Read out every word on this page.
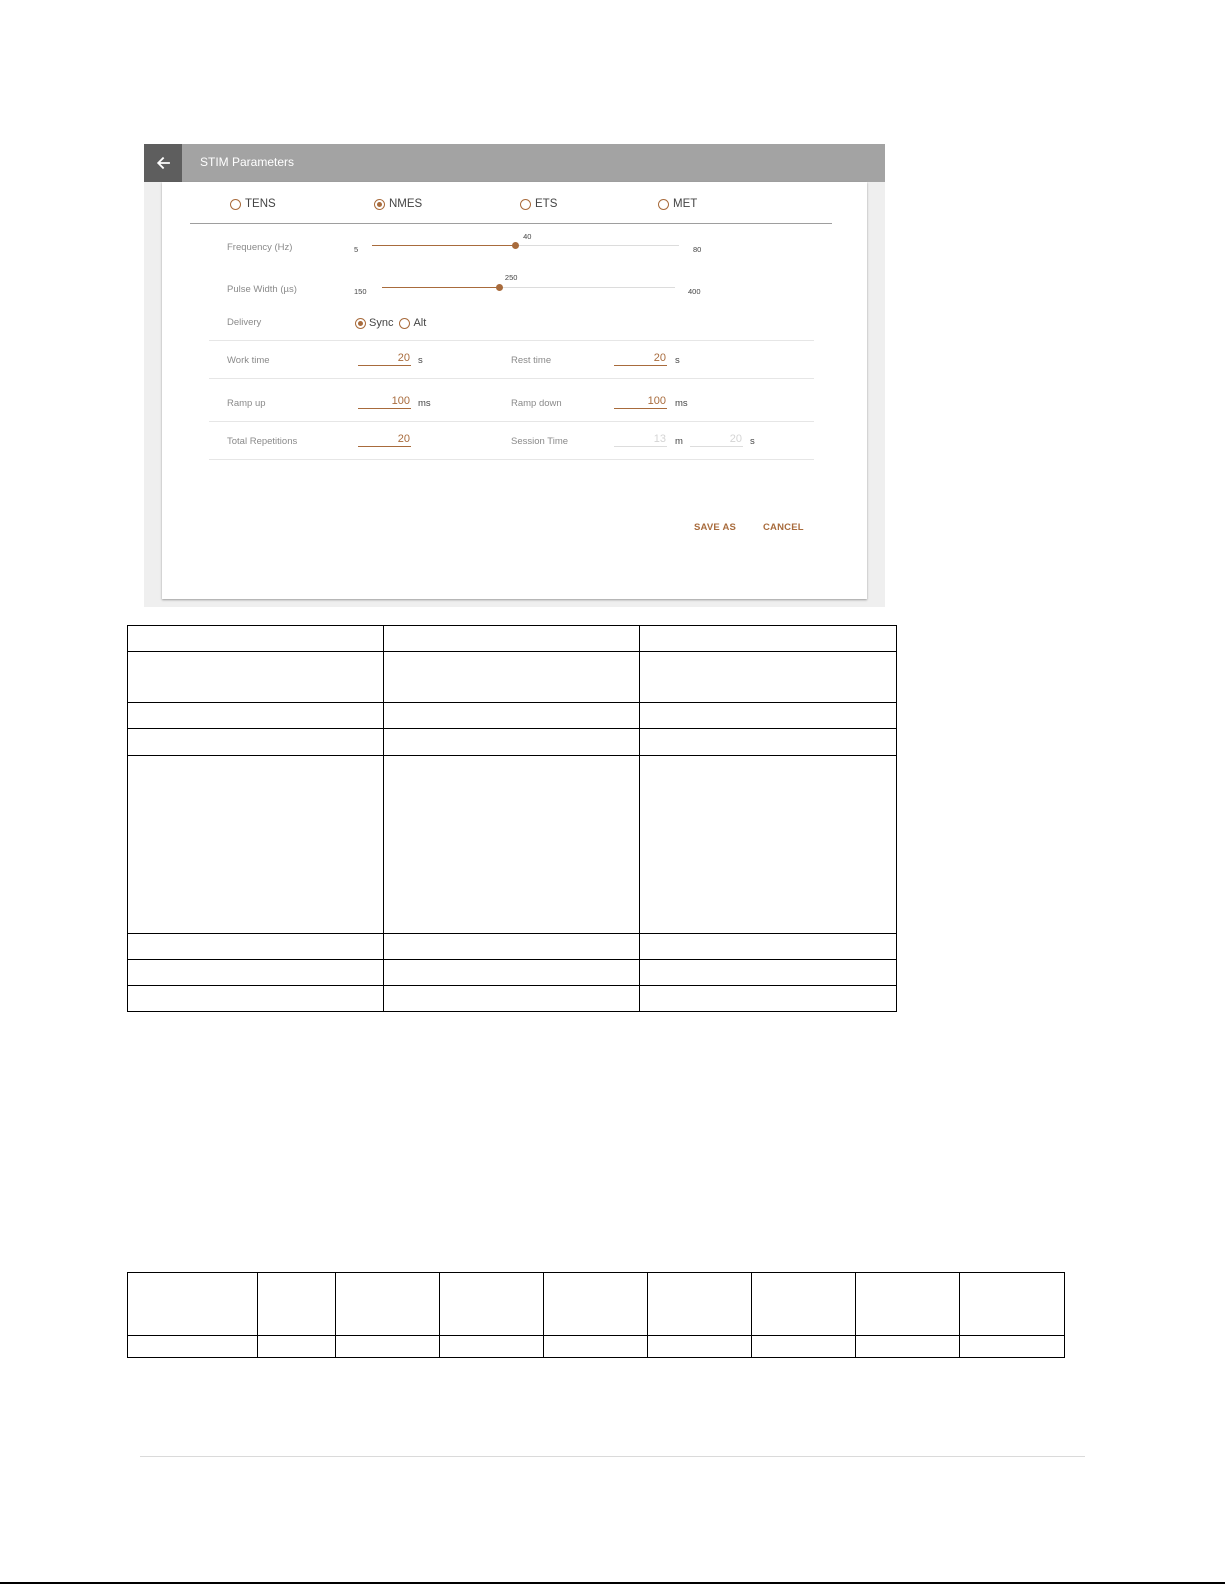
STIM Parameters
TENS	NMES	ETS	MET
Frequency (Hz)	5
40
80
Pulse Width (µs)	150
250
400
Delivery	Sync Alt
Work time	20 s	Rest time	20 s
Ramp up	100 ms	Ramp down	100 ms
Total Repetitions	20	Session Time	13 m	20 s
SAVE AS	CANCEL
